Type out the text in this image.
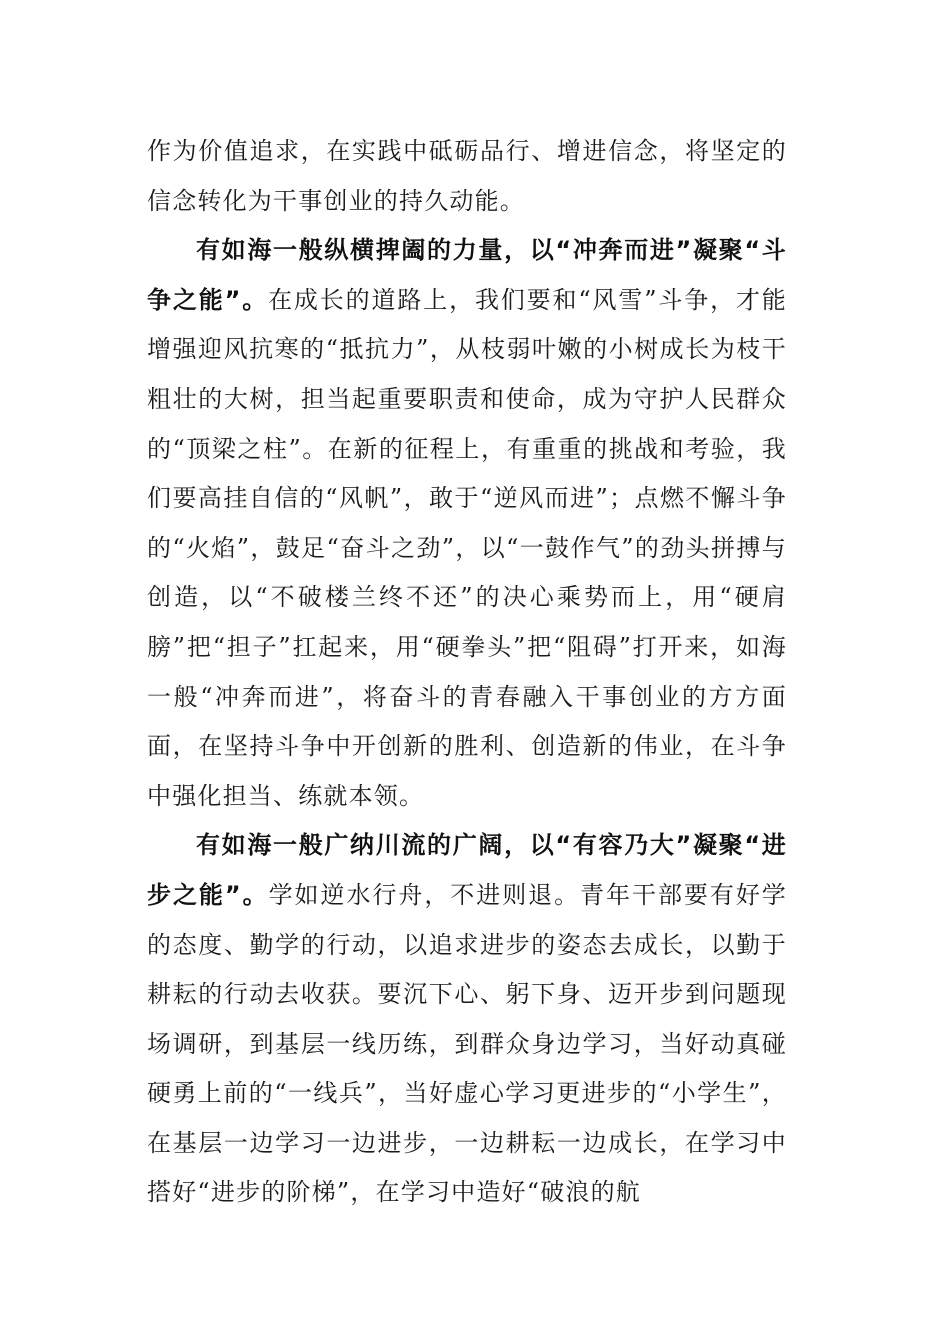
作为价值追求，在实践中砥砺品行、增进信念，将坚定的信念转化为干事创业的持久动能。

有如海一般纵横捭阖的力量，以“冲奔而进”凝聚“斗争之能”。在成长的道路上，我们要和“风雪”斗争，才能增强迎风抗寒的“抵抗力”，从枝弱叶嫩的小树成长为枝干粗壮的大树，担当起重要职责和使命，成为守护人民群众的“顶梁之柱”。在新的征程上，有重重的挑战和考验，我们要高挂自信的“风帆”，敢于“逆风而进”；点燃不懈斗争的“火焰”，鼓足“奋斗之劲”，以“一鼓作气”的劲头拼搏与创造，以“不破楼兰终不还”的决心乘势而上，用“硬肩膀”把“担子”扛起来，用“硬拳头”把“阻碍”打开来，如海一般“冲奔而进”，将奋斗的青春融入干事创业的方方面面，在坚持斗争中开创新的胜利、创造新的伟业，在斗争中强化担当、练就本领。

有如海一般广纳川流的广阔，以“有容乃大”凝聚“进步之能”。学如逆水行舟，不进则退。青年干部要有好学的态度、勤学的行动，以追求进步的姿态去成长，以勤于耕耘的行动去收获。要沉下心、躬下身、迈开步到问题现场调研，到基层一线历练，到群众身边学习，当好动真碰硬勇上前的“一线兵”，当好虚心学习更进步的“小学生”，在基层一边学习一边进步，一边耕耘一边成长，在学习中搭好“进步的阶梯”，在学习中造好“破浪的航
